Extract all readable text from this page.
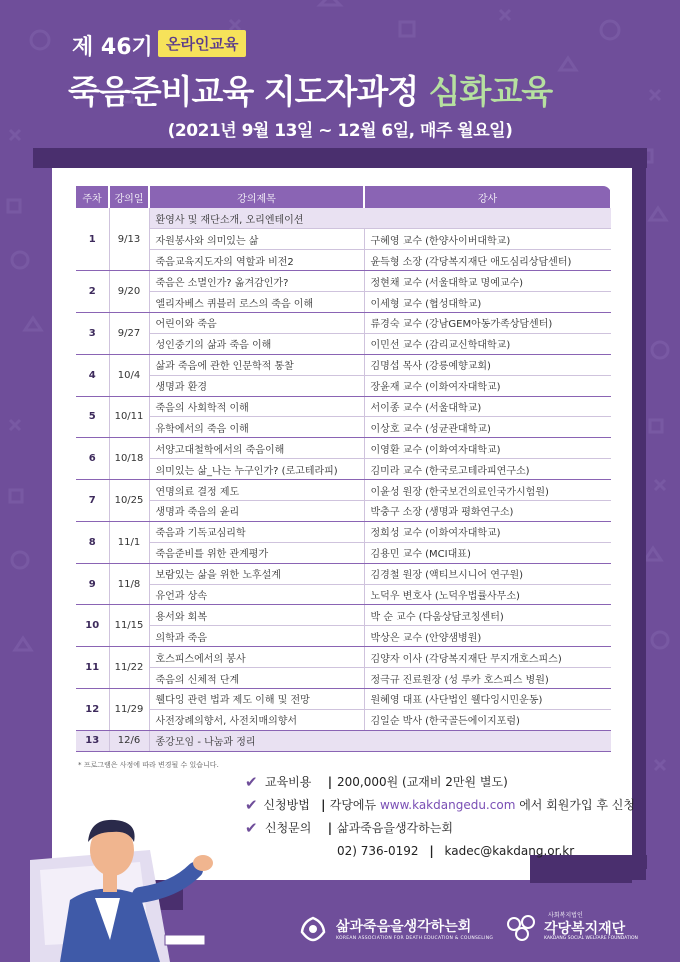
제 46기 온라인교육
죽음준비교육 지도자과정 심화교육
(2021년 9월 13일 ~ 12월 6일, 매주 월요일)
주차	강의일	강의제목	강사
1	9/13	환영사 및 재단소개, 오리엔테이션	
		자원봉사와 의미있는 삶	구혜영 교수 (한양사이버대학교)
		죽음교육지도자의 역할과 비전2	윤득형 소장 (각당복지재단 애도심리상담센터)
2	9/20	죽음은 소멸인가? 옮겨감인가?	정현채 교수 (서울대학교 명예교수)
		엘리자베스 퀴블러 로스의 죽음 이해	이세형 교수 (협성대학교)
3	9/27	어린이와 죽음	류경숙 교수 (강남GEM아동가족상담센터)
		성인중기의 삶과 죽음 이해	이민선 교수 (감리교신학대학교)
4	10/4	삶과 죽음에 관한 인문학적 통찰	김명섭 목사 (강릉예향교회)
		생명과 환경	장윤재 교수 (이화여자대학교)
5	10/11	죽음의 사회학적 이해	서이종 교수 (서울대학교)
		유학에서의 죽음 이해	이상호 교수 (성균관대학교)
6	10/18	서양고대철학에서의 죽음이해	이영환 교수 (이화여자대학교)
		의미있는 삶_나는 누구인가? (로고테라피)	김미라 교수 (한국로고테라피연구소)
7	10/25	연명의료 결정 제도	이윤성 원장 (한국보건의료인국가시험원)
		생명과 죽음의 윤리	박충구 소장 (생명과 평화연구소)
8	11/1	죽음과 기독교심리학	정희성 교수 (이화여자대학교)
		죽음준비를 위한 관계평가	김용민 교수 (MCI대표)
9	11/8	보람있는 삶을 위한 노후설계	김경철 원장 (액티브시니어 연구원)
		유언과 상속	노덕우 변호사 (노덕우법률사무소)
10	11/15	용서와 회복	박 순 교수 (다움상담코칭센터)
		의학과 죽음	박상은 교수 (안양샘병원)
11	11/22	호스피스에서의 봉사	김양자 이사 (각당복지재단 무지개호스피스)
		죽음의 신체적 단계	정극규 진료원장 (성 루카 호스피스 병원)
12	11/29	웰다잉 관련 법과 제도 이해 및 전망	원혜영 대표 (사단법인 웰다잉시민운동)
		사전장례의향서, 사전치매의향서	김일순 박사 (한국골든에이지포럼)
13	12/6	종강모임 - 나눔과 정리	
* 프로그램은 사정에 따라 변경될 수 있습니다.
✔ 교육비용	| 200,000원 (교재비 2만원 별도)
✔ 신청방법 | 각당에듀 www.kakdangedu.com 에서 회원가입 후 신청
✔ 신청문의	| 삶과죽음을생각하는회
02) 736-0192 | kadec@kakdang.or.kr
삶과죽음을생각하는회
KOREAN ASSOCIATION FOR DEATH EDUCATION & COUNSELING
사회복지법인
각당복지재단
KAKDANG SOCIAL WELFARE FOUNDATION
